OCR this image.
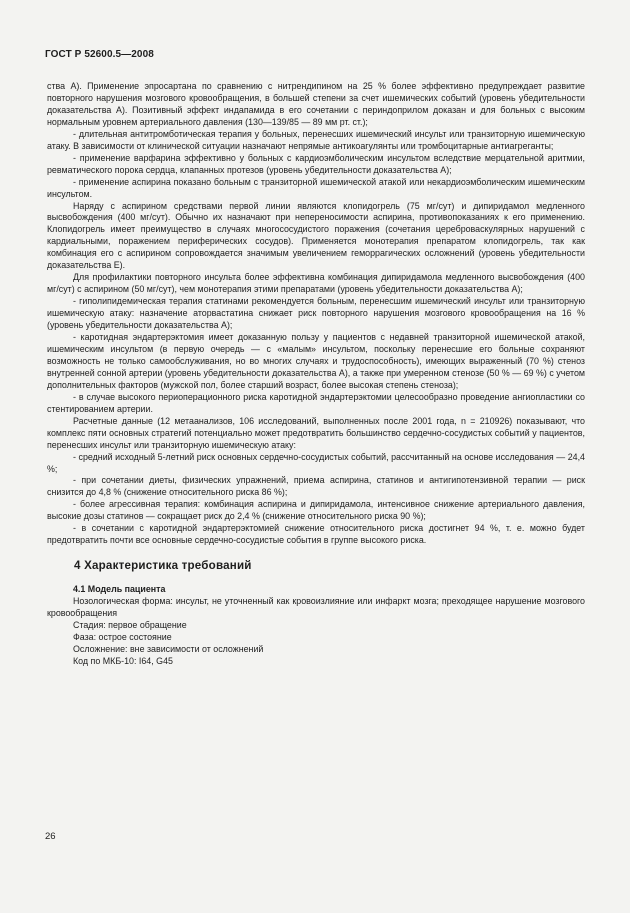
ГОСТ Р 52600.5—2008

ства А). Применение эпросартана по сравнению с нитрендипином на 25 % более эффективно предупреждает развитие повторного нарушения мозгового кровообращения, в большей степени за счет ишемических событий (уровень убедительности доказательства А). Позитивный эффект индапамида в его сочетании с периндоприлом доказан и для больных с высоким нормальным уровнем артериального давления (130—139/85 — 89 мм рт. ст.);

- длительная антитромботическая терапия у больных, перенесших ишемический инсульт или транзиторную ишемическую атаку. В зависимости от клинической ситуации назначают непрямые антикоагулянты или тромбоцитарные антиагреганты;

- применение варфарина эффективно у больных с кардиоэмболическим инсультом вследствие мерцательной аритмии, ревматического порока сердца, клапанных протезов (уровень убедительности доказательства А);

- применение аспирина показано больным с транзиторной ишемической атакой или некардиоэмболическим ишемическим инсультом.

Наряду с аспирином средствами первой линии являются клопидогрель (75 мг/сут) и дипиридамол медленного высвобождения (400 мг/сут). Обычно их назначают при непереносимости аспирина, противопоказаниях к его применению. Клопидогрель имеет преимущество в случаях многососудистого поражения (сочетания цереброваскулярных нарушений с кардиальными, поражением периферических сосудов). Применяется монотерапия препаратом клопидогрель, так как комбинация его с аспирином сопровождается значимым увеличением геморрагических осложнений (уровень убедительности доказательства Е).

Для профилактики повторного инсульта более эффективна комбинация дипиридамола медленного высвобождения (400 мг/сут) с аспирином (50 мг/сут), чем монотерапия этими препаратами (уровень убедительности доказательства А);

- гиполипидемическая терапия статинами рекомендуется больным, перенесшим ишемический инсульт или транзиторную ишемическую атаку: назначение аторвастатина снижает риск повторного нарушения мозгового кровообращения на 16 % (уровень убедительности доказательства А);

- каротидная эндартерэктомия имеет доказанную пользу у пациентов с недавней транзиторной ишемической атакой, ишемическим инсультом (в первую очередь — с «малым» инсультом, поскольку перенесшие его больные сохраняют возможность не только самообслуживания, но во многих случаях и трудоспособность), имеющих выраженный (70 %) стеноз внутренней сонной артерии (уровень убедительности доказательства А), а также при умеренном стенозе (50 % — 69 %) с учетом дополнительных факторов (мужской пол, более старший возраст, более высокая степень стеноза);

- в случае высокого периоперационного риска каротидной эндартерэктомии целесообразно проведение ангиопластики со стентированием артерии.

Расчетные данные (12 метаанализов, 106 исследований, выполненных после 2001 года, n = 210926) показывают, что комплекс пяти основных стратегий потенциально может предотвратить большинство сердечно-сосудистых событий у пациентов, перенесших инсульт или транзиторную ишемическую атаку:

- средний исходный 5-летний риск основных сердечно-сосудистых событий, рассчитанный на основе исследования — 24,4 %;

- при сочетании диеты, физических упражнений, приема аспирина, статинов и антигипотензивной терапии — риск снизится до 4,8 % (снижение относительного риска 86 %);

- более агрессивная терапия: комбинация аспирина и дипиридамола, интенсивное снижение артериального давления, высокие дозы статинов — сокращает риск до 2,4 % (снижение относительного риска 90 %);

- в сочетании с каротидной эндартерэктомией снижение относительного риска достигнет 94 %, т. е. можно будет предотвратить почти все основные сердечно-сосудистые события в группе высокого риска.

4 Характеристика требований

4.1 Модель пациента

Нозологическая форма: инсульт, не уточненный как кровоизлияние или инфаркт мозга; преходящее нарушение мозгового кровообращения

Стадия: первое обращение

Фаза: острое состояние

Осложнение: вне зависимости от осложнений

Код по МКБ-10: I64, G45

26
